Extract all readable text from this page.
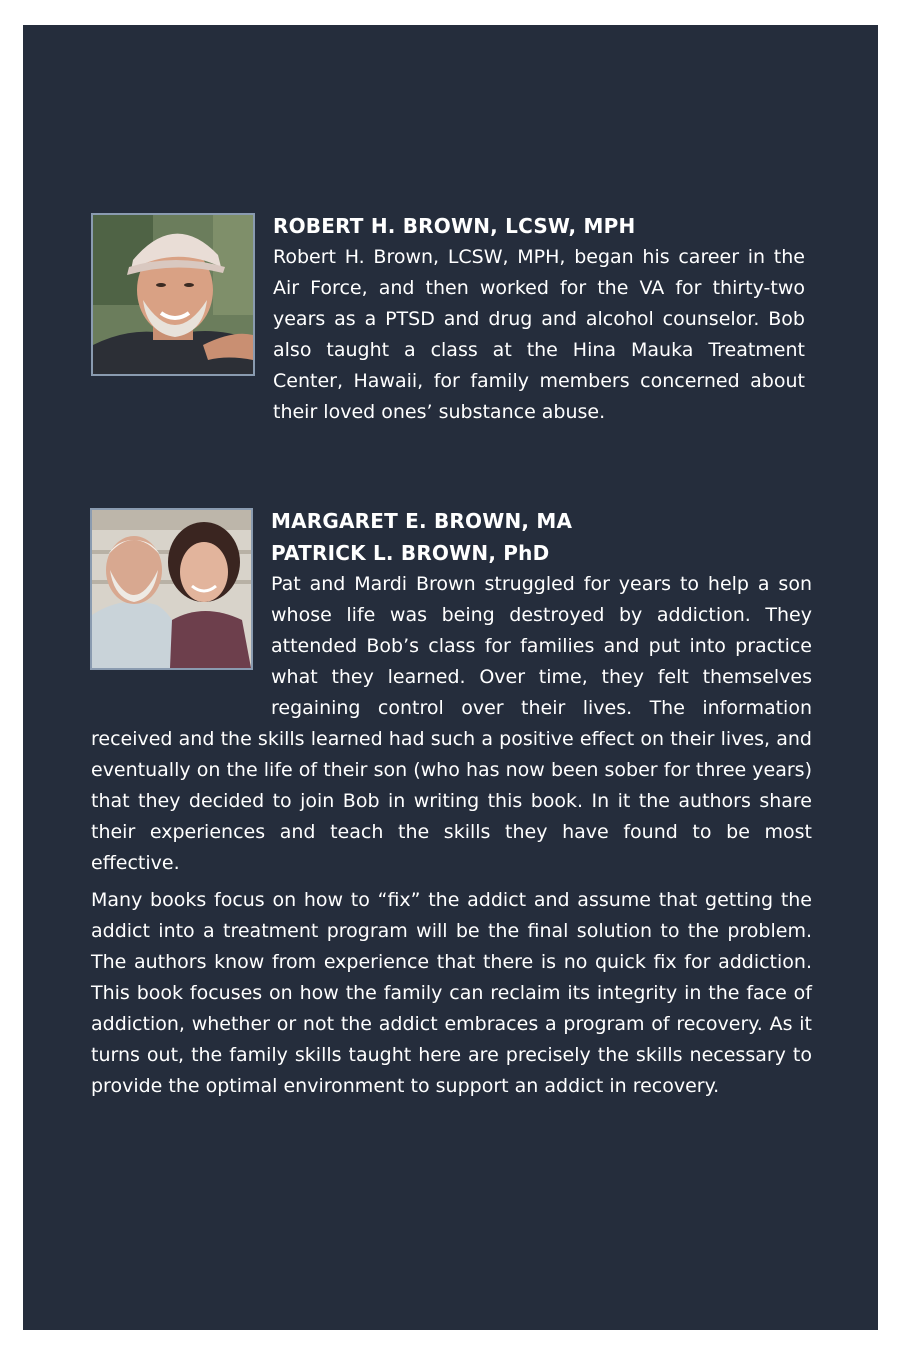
ROBERT H. BROWN, LCSW, MPH

Robert H. Brown, LCSW, MPH, began his career in the Air Force, and then worked for the VA for thirty-two years as a PTSD and drug and alcohol counselor. Bob also taught a class at the Hina Mauka Treatment Center, Hawaii, for family members concerned about their loved ones’ substance abuse.

MARGARET E. BROWN, MA
PATRICK L. BROWN, PhD

Pat and Mardi Brown struggled for years to help a son whose life was being destroyed by addiction. They attended Bob’s class for families and put into practice what they learned. Over time, they felt themselves regaining control over their lives. The information received and the skills learned had such a positive effect on their lives, and eventually on the life of their son (who has now been sober for three years) that they decided to join Bob in writing this book. In it the authors share their experiences and teach the skills they have found to be most effective.

Many books focus on how to “fix” the addict and assume that getting the addict into a treatment program will be the final solution to the problem. The authors know from experience that there is no quick fix for addiction. This book focuses on how the family can reclaim its integrity in the face of addiction, whether or not the addict embraces a program of recovery. As it turns out, the family skills taught here are precisely the skills necessary to provide the optimal environment to support an addict in recovery.
